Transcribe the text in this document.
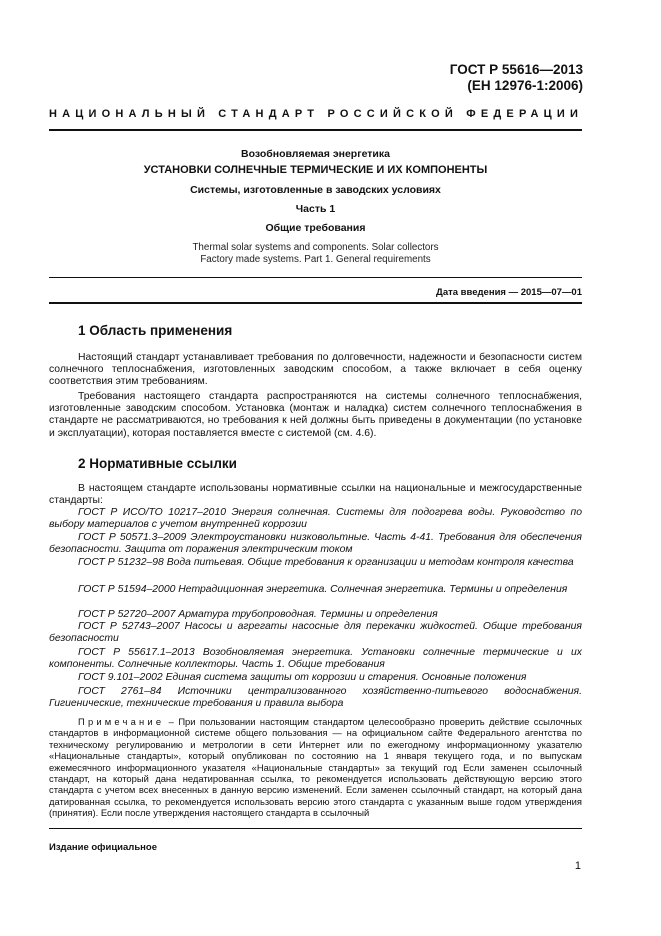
ГОСТ Р 55616—2013
(EH 12976-1:2006)
НАЦИОНАЛЬНЫЙ СТАНДАРТ РОССИЙСКОЙ ФЕДЕРАЦИИ
Возобновляемая энергетика
УСТАНОВКИ СОЛНЕЧНЫЕ ТЕРМИЧЕСКИЕ И ИХ КОМПОНЕНТЫ
Системы, изготовленные в заводских условиях
Часть 1
Общие требования
Thermal solar systems and components. Solar collectors
Factory made systems. Part 1. General requirements
Дата введения — 2015—07—01
1 Область применения

Настоящий стандарт устанавливает требования по долговечности, надежности и безопасности систем солнечного теплоснабжения, изготовленных заводским способом, а также включает в себя оценку соответствия этим требованиям.

Требования настоящего стандарта распространяются на системы солнечного теплоснабжения, изготовленные заводским способом. Установка (монтаж и наладка) систем солнечного теплоснабжения в стандарте не рассматриваются, но требования к ней должны быть приведены в документации (по установке и эксплуатации), которая поставляется вместе с системой (см. 4.6).

2 Нормативные ссылки

В настоящем стандарте использованы нормативные ссылки на национальные и межгосударственные стандарты:

ГОСТ Р ИСО/ТО 10217–2010 Энергия солнечная. Системы для подогрева воды. Руководство по выбору материалов с учетом внутренней коррозии

ГОСТ Р 50571.3–2009 Электроустановки низковольтные. Часть 4-41. Требования для обеспечения безопасности. Защита от поражения электрическим током

ГОСТ Р 51232–98 Вода питьевая. Общие требования к организации и методам контроля качества

ГОСТ Р 51594–2000 Нетрадиционная энергетика. Солнечная энергетика. Термины и определения

ГОСТ Р 52720–2007 Арматура трубопроводная. Термины и определения

ГОСТ Р 52743–2007 Насосы и агрегаты насосные для перекачки жидкостей. Общие требования безопасности

ГОСТ Р 55617.1–2013 Возобновляемая энергетика. Установки солнечные термические и их компоненты. Солнечные коллекторы. Часть 1. Общие требования

ГОСТ 9.101–2002 Единая система защиты от коррозии и старения. Основные положения

ГОСТ 2761–84 Источники централизованного хозяйственно-питьевого водоснабжения. Гигиенические, технические требования и правила выбора

Примечание – При пользовании настоящим стандартом целесообразно проверить действие ссылочных стандартов в информационной системе общего пользования — на официальном сайте Федерального агентства по техническому регулированию и метрологии в сети Интернет или по ежегодному информационному указателю «Национальные стандарты», который опубликован по состоянию на 1 января текущего года, и по выпускам ежемесячного информационного указателя «Национальные стандарты» за текущий год Если заменен ссылочный стандарт, на который дана недатированная ссылка, то рекомендуется использовать действующую версию этого стандарта с учетом всех внесенных в данную версию изменений. Если заменен ссылочный стандарт, на который дана датированная ссылка, то рекомендуется использовать версию этого стандарта с указанным выше годом утверждения (принятия). Если после утверждения настоящего стандарта в ссылочный

Издание официальное
1
